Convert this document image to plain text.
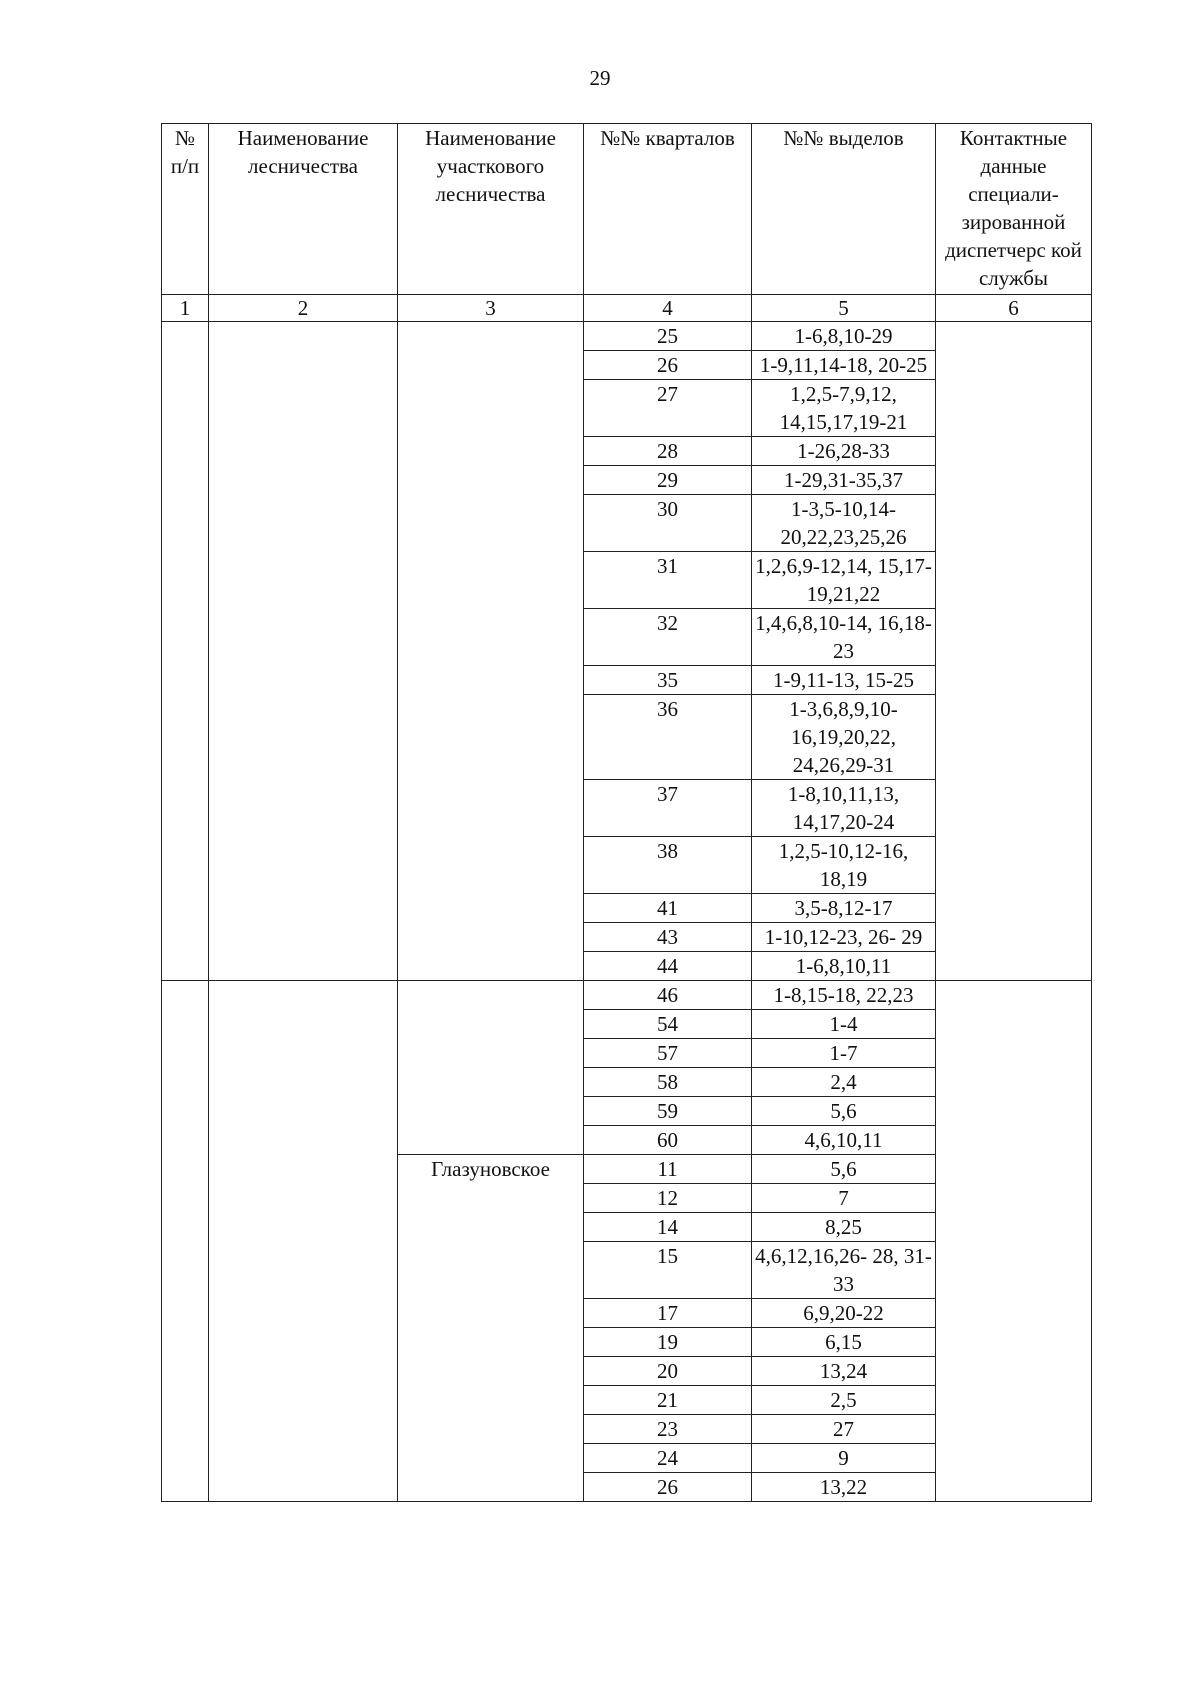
29
№ п/п	Наименование лесничества	Наименование участкового лесничества	№№ кварталов	№№ выделов	Контактные данные специали-зированной диспетчерс кой службы
1	2	3	4	5	6
			25	1-6,8,10-29	
			26	1-9,11,14-18, 20-25	
			27	1,2,5-7,9,12, 14,15,17,19-21	
			28	1-26,28-33	
			29	1-29,31-35,37	
			30	1-3,5-10,14- 20,22,23,25,26	
			31	1,2,6,9-12,14, 15,17-19,21,22	
			32	1,4,6,8,10-14, 16,18-23	
			35	1-9,11-13, 15-25	
			36	1-3,6,8,9,10- 16,19,20,22, 24,26,29-31	
			37	1-8,10,11,13, 14,17,20-24	
			38	1,2,5-10,12-16, 18,19	
			41	3,5-8,12-17	
			43	1-10,12-23, 26- 29	
			44	1-6,8,10,11	
			46	1-8,15-18, 22,23	
			54	1-4	
			57	1-7	
			58	2,4	
			59	5,6	
			60	4,6,10,11	
		Глазуновское	11	5,6	
			12	7	
			14	8,25	
			15	4,6,12,16,26- 28, 31-33	
			17	6,9,20-22	
			19	6,15	
			20	13,24	
			21	2,5	
			23	27	
			24	9	
			26	13,22	
